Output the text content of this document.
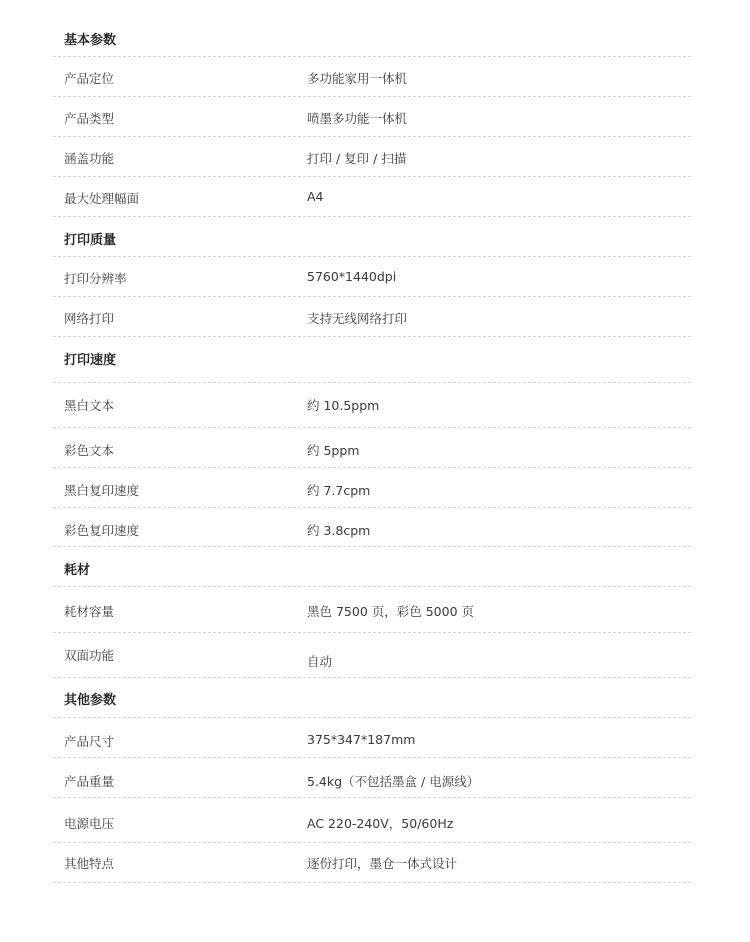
基本参数
产品定位	多功能家用一体机
产品类型	喷墨多功能一体机
涵盖功能	打印 / 复印 / 扫描
最大处理幅面	A4
打印质量
打印分辨率	5760*1440dpi
网络打印	支持无线网络打印
打印速度
黑白文本	约 10.5ppm
彩色文本	约 5ppm
黑白复印速度	约 7.7cpm
彩色复印速度	约 3.8cpm
耗材
耗材容量	黑色 7500 页，彩色 5000 页
双面功能	自动
其他参数
产品尺寸	375*347*187mm
产品重量	5.4kg（不包括墨盒 / 电源线）
电源电压	AC 220-240V，50/60Hz
其他特点	逐份打印，墨仓一体式设计
